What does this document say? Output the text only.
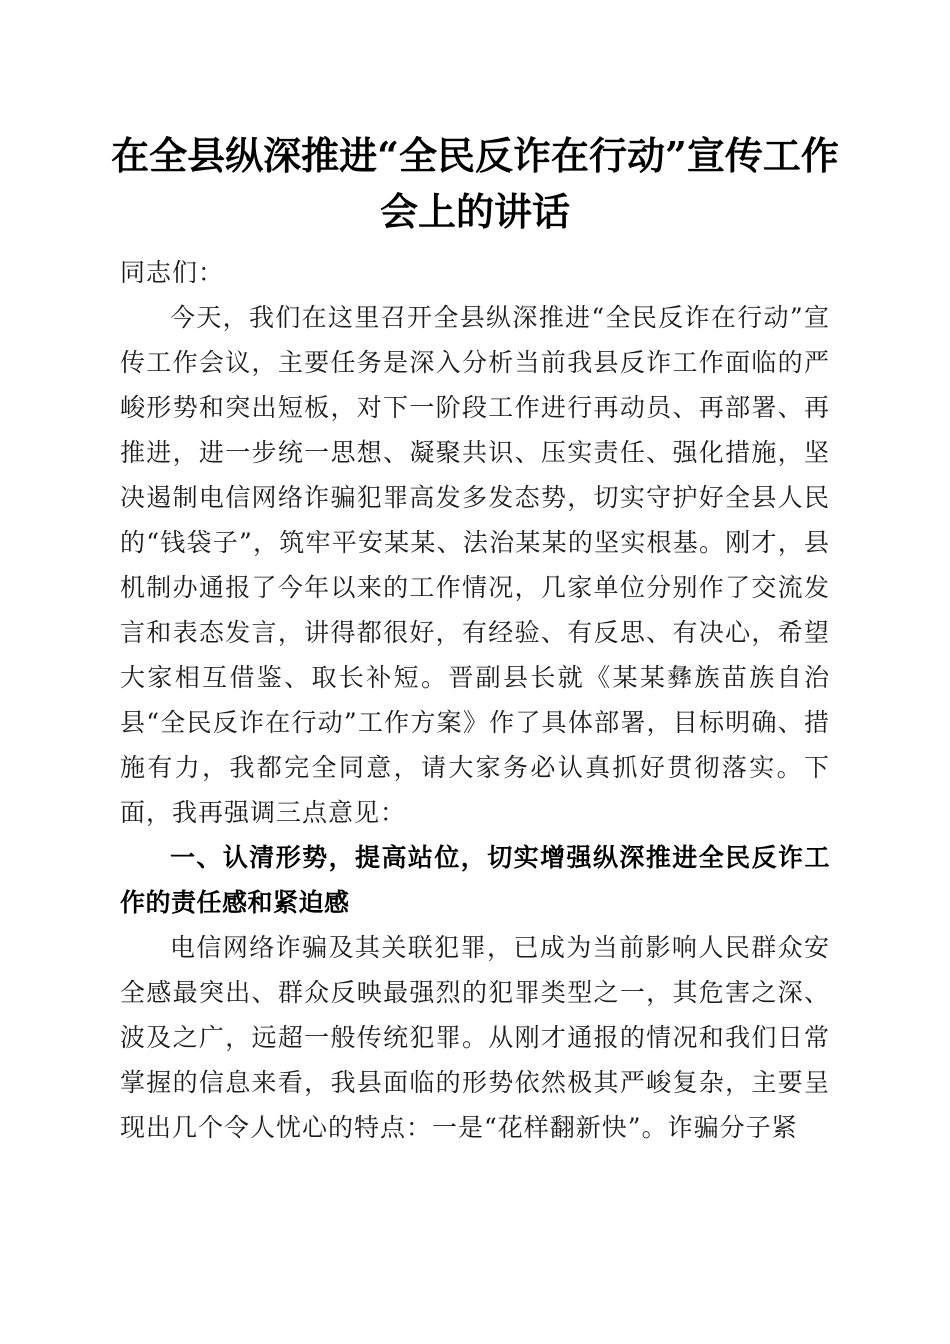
在全县纵深推进“全民反诈在行动”宣传工作会上的讲话

同志们：

今天，我们在这里召开全县纵深推进“全民反诈在行动”宣传工作会议，主要任务是深入分析当前我县反诈工作面临的严峻形势和突出短板，对下一阶段工作进行再动员、再部署、再推进，进一步统一思想、凝聚共识、压实责任、强化措施，坚决遏制电信网络诈骗犯罪高发多发态势，切实守护好全县人民的“钱袋子”，筑牢平安某某、法治某某的坚实根基。刚才，县机制办通报了今年以来的工作情况，几家单位分别作了交流发言和表态发言，讲得都很好，有经验、有反思、有决心，希望大家相互借鉴、取长补短。晋副县长就《某某彝族苗族自治县“全民反诈在行动”工作方案》作了具体部署，目标明确、措施有力，我都完全同意，请大家务必认真抓好贯彻落实。下面，我再强调三点意见：

一、认清形势，提高站位，切实增强纵深推进全民反诈工作的责任感和紧迫感

电信网络诈骗及其关联犯罪，已成为当前影响人民群众安全感最突出、群众反映最强烈的犯罪类型之一，其危害之深、波及之广，远超一般传统犯罪。从刚才通报的情况和我们日常掌握的信息来看，我县面临的形势依然极其严峻复杂，主要呈现出几个令人忧心的特点：一是“花样翻新快”。诈骗分子紧
